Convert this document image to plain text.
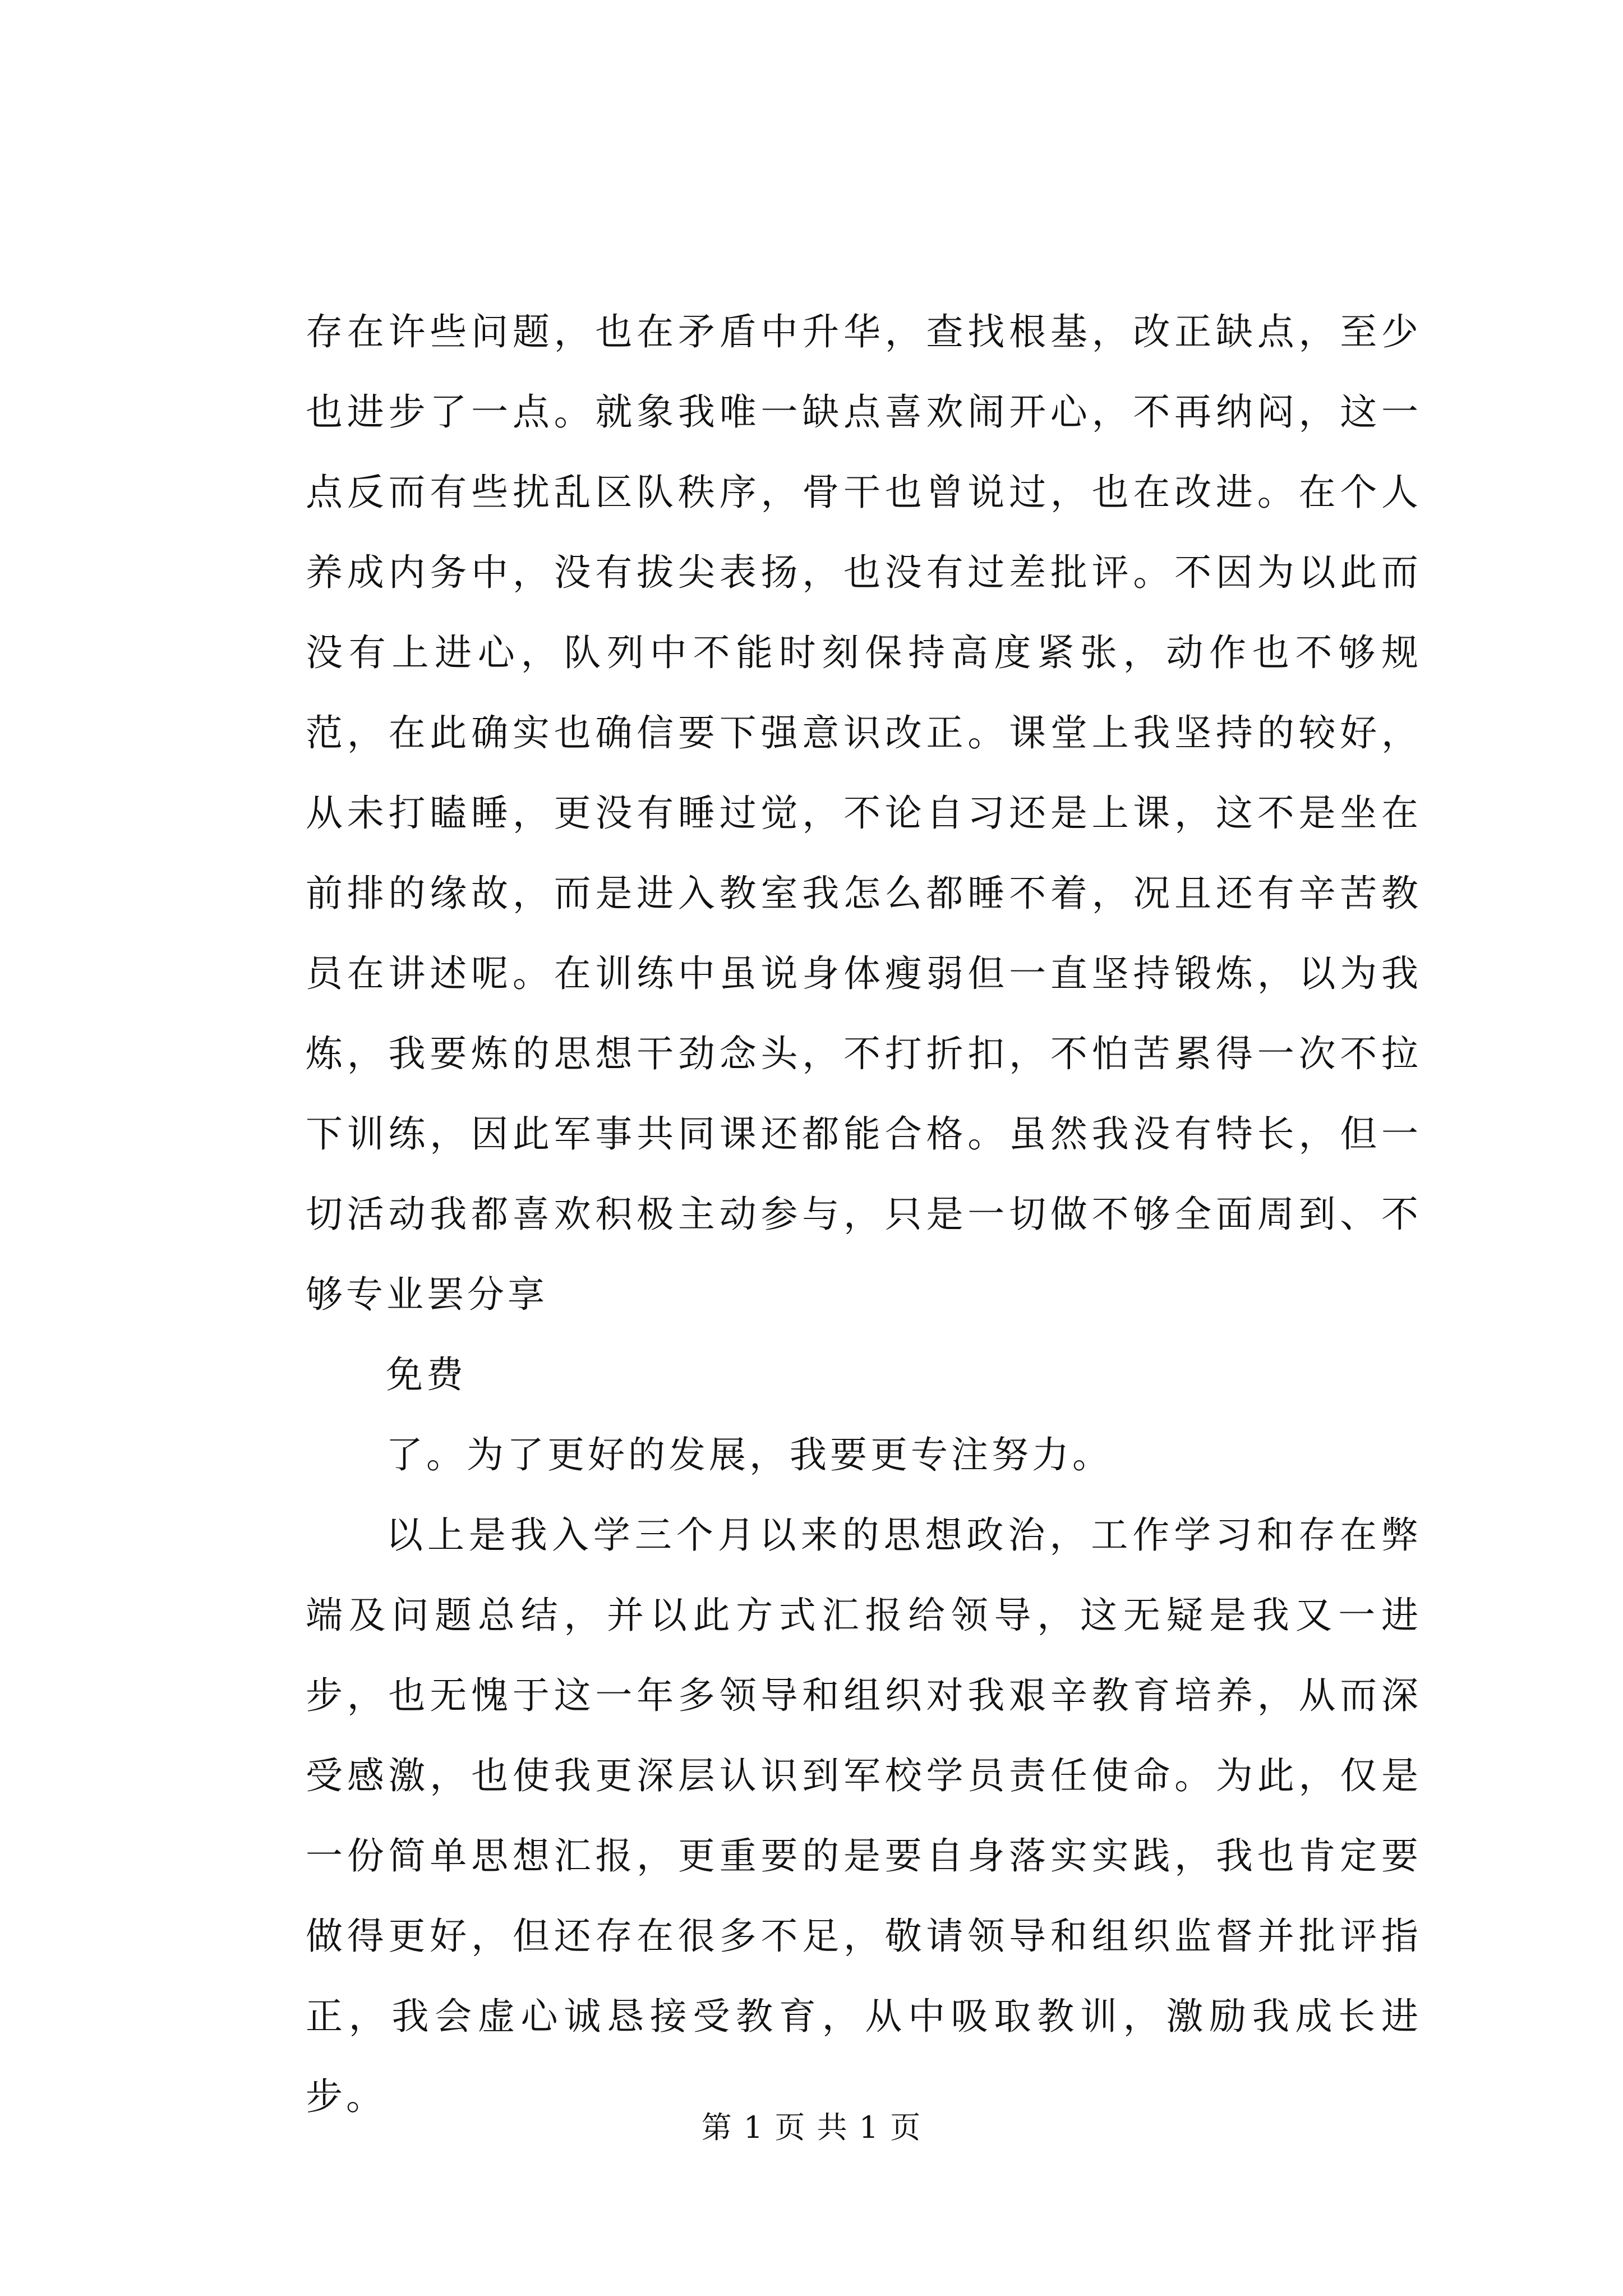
存在许些问题，也在矛盾中升华，查找根基，改正缺点，至少也进步了一点。就象我唯一缺点喜欢闹开心，不再纳闷，这一点反而有些扰乱区队秩序，骨干也曾说过，也在改进。在个人养成内务中，没有拔尖表扬，也没有过差批评。不因为以此而没有上进心，队列中不能时刻保持高度紧张，动作也不够规范，在此确实也确信要下强意识改正。课堂上我坚持的较好，从未打瞌睡，更没有睡过觉，不论自习还是上课，这不是坐在前排的缘故，而是进入教室我怎么都睡不着，况且还有辛苦教员在讲述呢。在训练中虽说身体瘦弱但一直坚持锻炼，以为我炼，我要炼的思想干劲念头，不打折扣，不怕苦累得一次不拉下训练，因此军事共同课还都能合格。虽然我没有特长，但一切活动我都喜欢积极主动参与，只是一切做不够全面周到、不够专业罢分享

免费

了。为了更好的发展，我要更专注努力。

以上是我入学三个月以来的思想政治，工作学习和存在弊端及问题总结，并以此方式汇报给领导，这无疑是我又一进步，也无愧于这一年多领导和组织对我艰辛教育培养，从而深受感激，也使我更深层认识到军校学员责任使命。为此，仅是一份简单思想汇报，更重要的是要自身落实实践，我也肯定要做得更好，但还存在很多不足，敬请领导和组织监督并批评指正，我会虚心诚恳接受教育，从中吸取教训，激励我成长进步。

第 1 页 共 1 页
